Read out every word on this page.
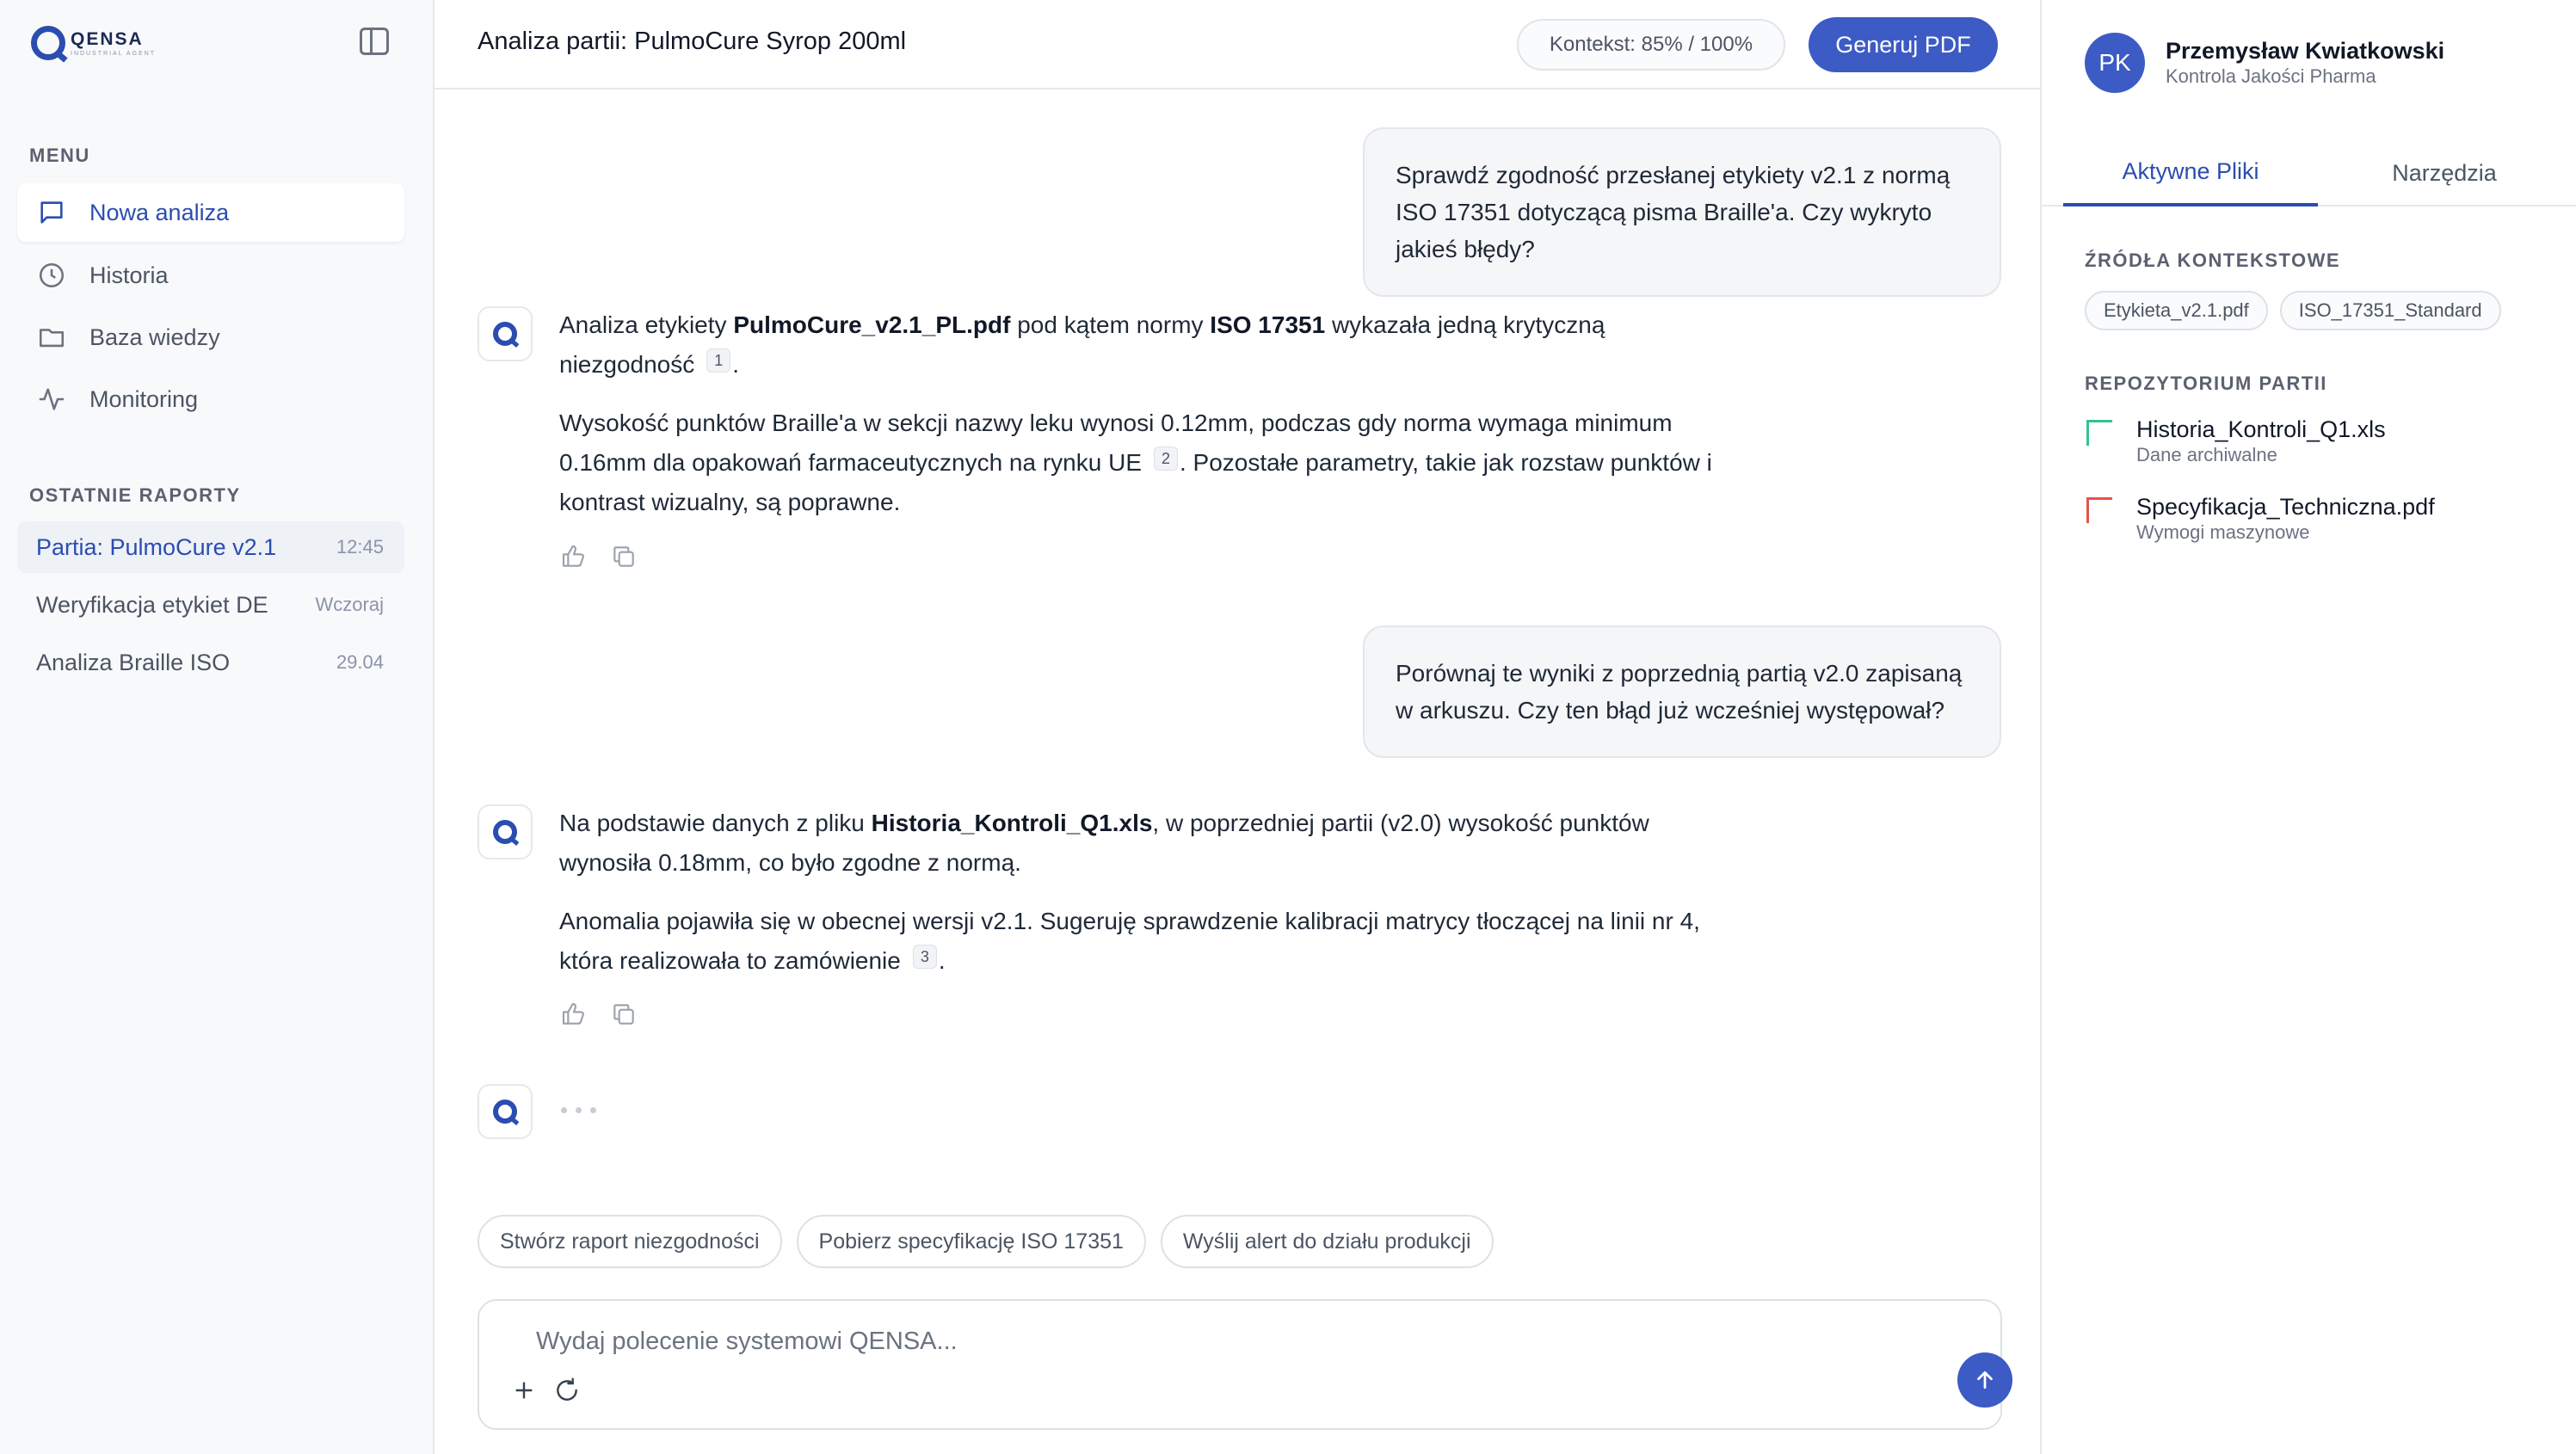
QENSA
INDUSTRIAL AGENT
MENU
Nowa analiza
Historia
Baza wiedzy
Monitoring
OSTATNIE RAPORTY
Partia: PulmoCure v2.1	12:45
Weryfikacja etykiet DE Wczoraj
Analiza Braille ISO	29.04
Analiza partii: PulmoCure Syrop 200ml	Kontekst: 85% / 100%	Generuj PDF
Sprawdź zgodność przesłanej etykiety v2.1 z normą ISO 17351 dotyczącą pisma Braille'a. Czy wykryto jakieś błędy?

Analiza etykiety PulmoCure_v2.1_PL.pdf pod kątem normy ISO 17351 wykazała jedną krytyczną niezgodność 1 .

Wysokość punktów Braille'a w sekcji nazwy leku wynosi 0.12mm, podczas gdy norma wymaga minimum 0.16mm dla opakowań farmaceutycznych na rynku UE 2 . Pozostałe parametry, takie jak rozstaw punktów i kontrast wizualny, są poprawne.

Porównaj te wyniki z poprzednią partią v2.0 zapisaną w arkuszu. Czy ten błąd już wcześniej występował?

Na podstawie danych z pliku Historia_Kontroli_Q1.xls, w poprzedniej partii (v2.0) wysokość punktów wynosiła 0.18mm, co było zgodne z normą.

Anomalia pojawiła się w obecnej wersji v2.1. Sugeruję sprawdzenie kalibracji matrycy tłoczącej na linii nr 4, która realizowała to zamówienie 3 .

Stwórz raport niezgodności	Pobierz specyfikację ISO 17351	Wyślij alert do działu produkcji
Wydaj polecenie systemowi QENSA...
PK	Przemysław Kwiatkowski
Kontrola Jakości Pharma
Aktywne Pliki	Narzędzia
ŹRÓDŁA KONTEKSTOWE
Etykieta_v2.1.pdf	ISO_17351_Standard
REPOZYTORIUM PARTII
Historia_Kontroli_Q1.xls
Dane archiwalne
Specyfikacja_Techniczna.pdf
Wymogi maszynowe
